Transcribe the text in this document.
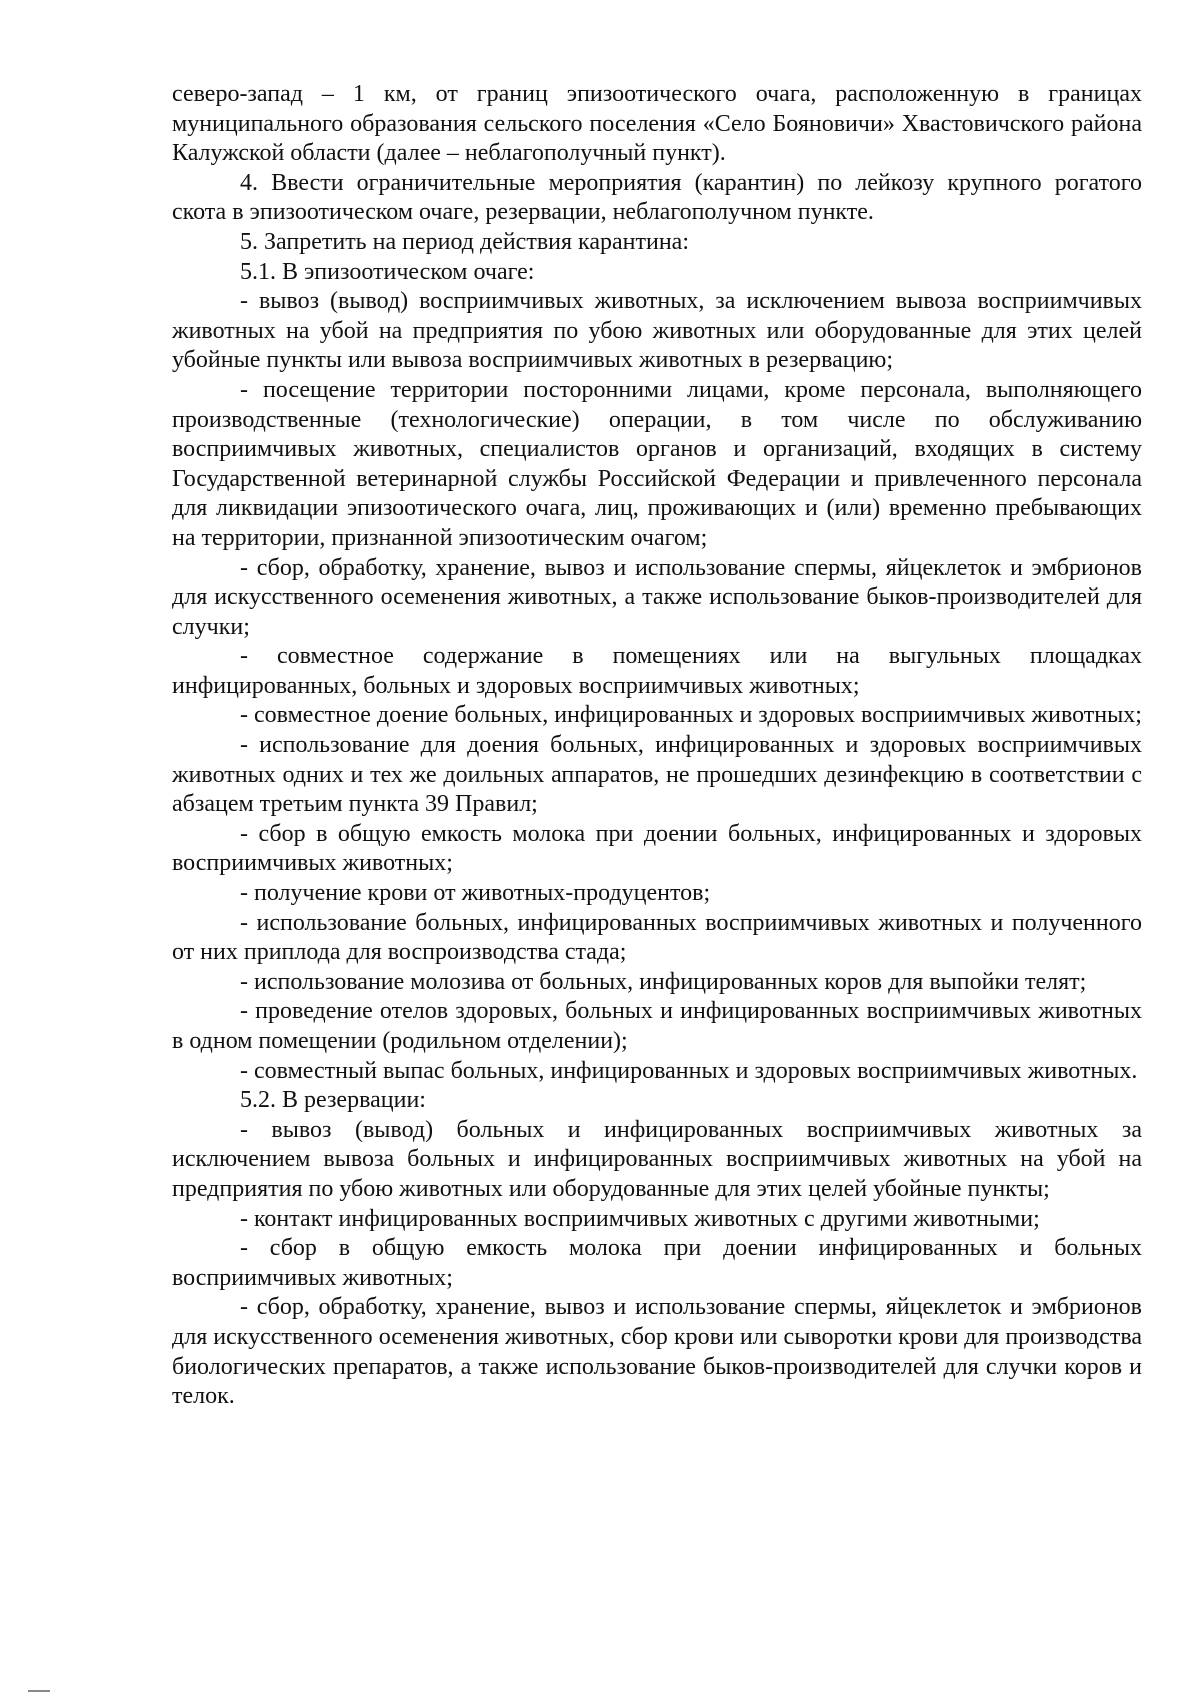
северо-запад – 1 км, от границ эпизоотического очага, расположенную в границах муниципального образования сельского поселения «Село Бояновичи» Хвастовичского района Калужской области (далее – неблагополучный пункт).

4. Ввести ограничительные мероприятия (карантин) по лейкозу крупного рогатого скота в эпизоотическом очаге, резервации, неблагополучном пункте.

5. Запретить на период действия карантина:

5.1. В эпизоотическом очаге:

- вывоз (вывод) восприимчивых животных, за исключением вывоза восприимчивых животных на убой на предприятия по убою животных или оборудованные для этих целей убойные пункты или вывоза восприимчивых животных в резервацию;

- посещение территории посторонними лицами, кроме персонала, выполняющего производственные (технологические) операции, в том числе по обслуживанию восприимчивых животных, специалистов органов и организаций, входящих в систему Государственной ветеринарной службы Российской Федерации и привлеченного персонала для ликвидации эпизоотического очага, лиц, проживающих и (или) временно пребывающих на территории, признанной эпизоотическим очагом;

- сбор, обработку, хранение, вывоз и использование спермы, яйцеклеток и эмбрионов для искусственного осеменения животных, а также использование быков-производителей для случки;

- совместное содержание в помещениях или на выгульных площадках инфицированных, больных и здоровых восприимчивых животных;

- совместное доение больных, инфицированных и здоровых восприимчивых животных;

- использование для доения больных, инфицированных и здоровых восприимчивых животных одних и тех же доильных аппаратов, не прошедших дезинфекцию в соответствии с абзацем третьим пункта 39 Правил;

- сбор в общую емкость молока при доении больных, инфицированных и здоровых восприимчивых животных;

- получение крови от животных-продуцентов;

- использование больных, инфицированных восприимчивых животных и полученного от них приплода для воспроизводства стада;

- использование молозива от больных, инфицированных коров для выпойки телят;

- проведение отелов здоровых, больных и инфицированных восприимчивых животных в одном помещении (родильном отделении);

- совместный выпас больных, инфицированных и здоровых восприимчивых животных.

5.2. В резервации:

- вывоз (вывод) больных и инфицированных восприимчивых животных за исключением вывоза больных и инфицированных восприимчивых животных на убой на предприятия по убою животных или оборудованные для этих целей убойные пункты;

- контакт инфицированных восприимчивых животных с другими животными;

- сбор в общую емкость молока при доении инфицированных и больных восприимчивых животных;

- сбор, обработку, хранение, вывоз и использование спермы, яйцеклеток и эмбрионов для искусственного осеменения животных, сбор крови или сыворотки крови для производства биологических препаратов, а также использование быков-производителей для случки коров и телок.
